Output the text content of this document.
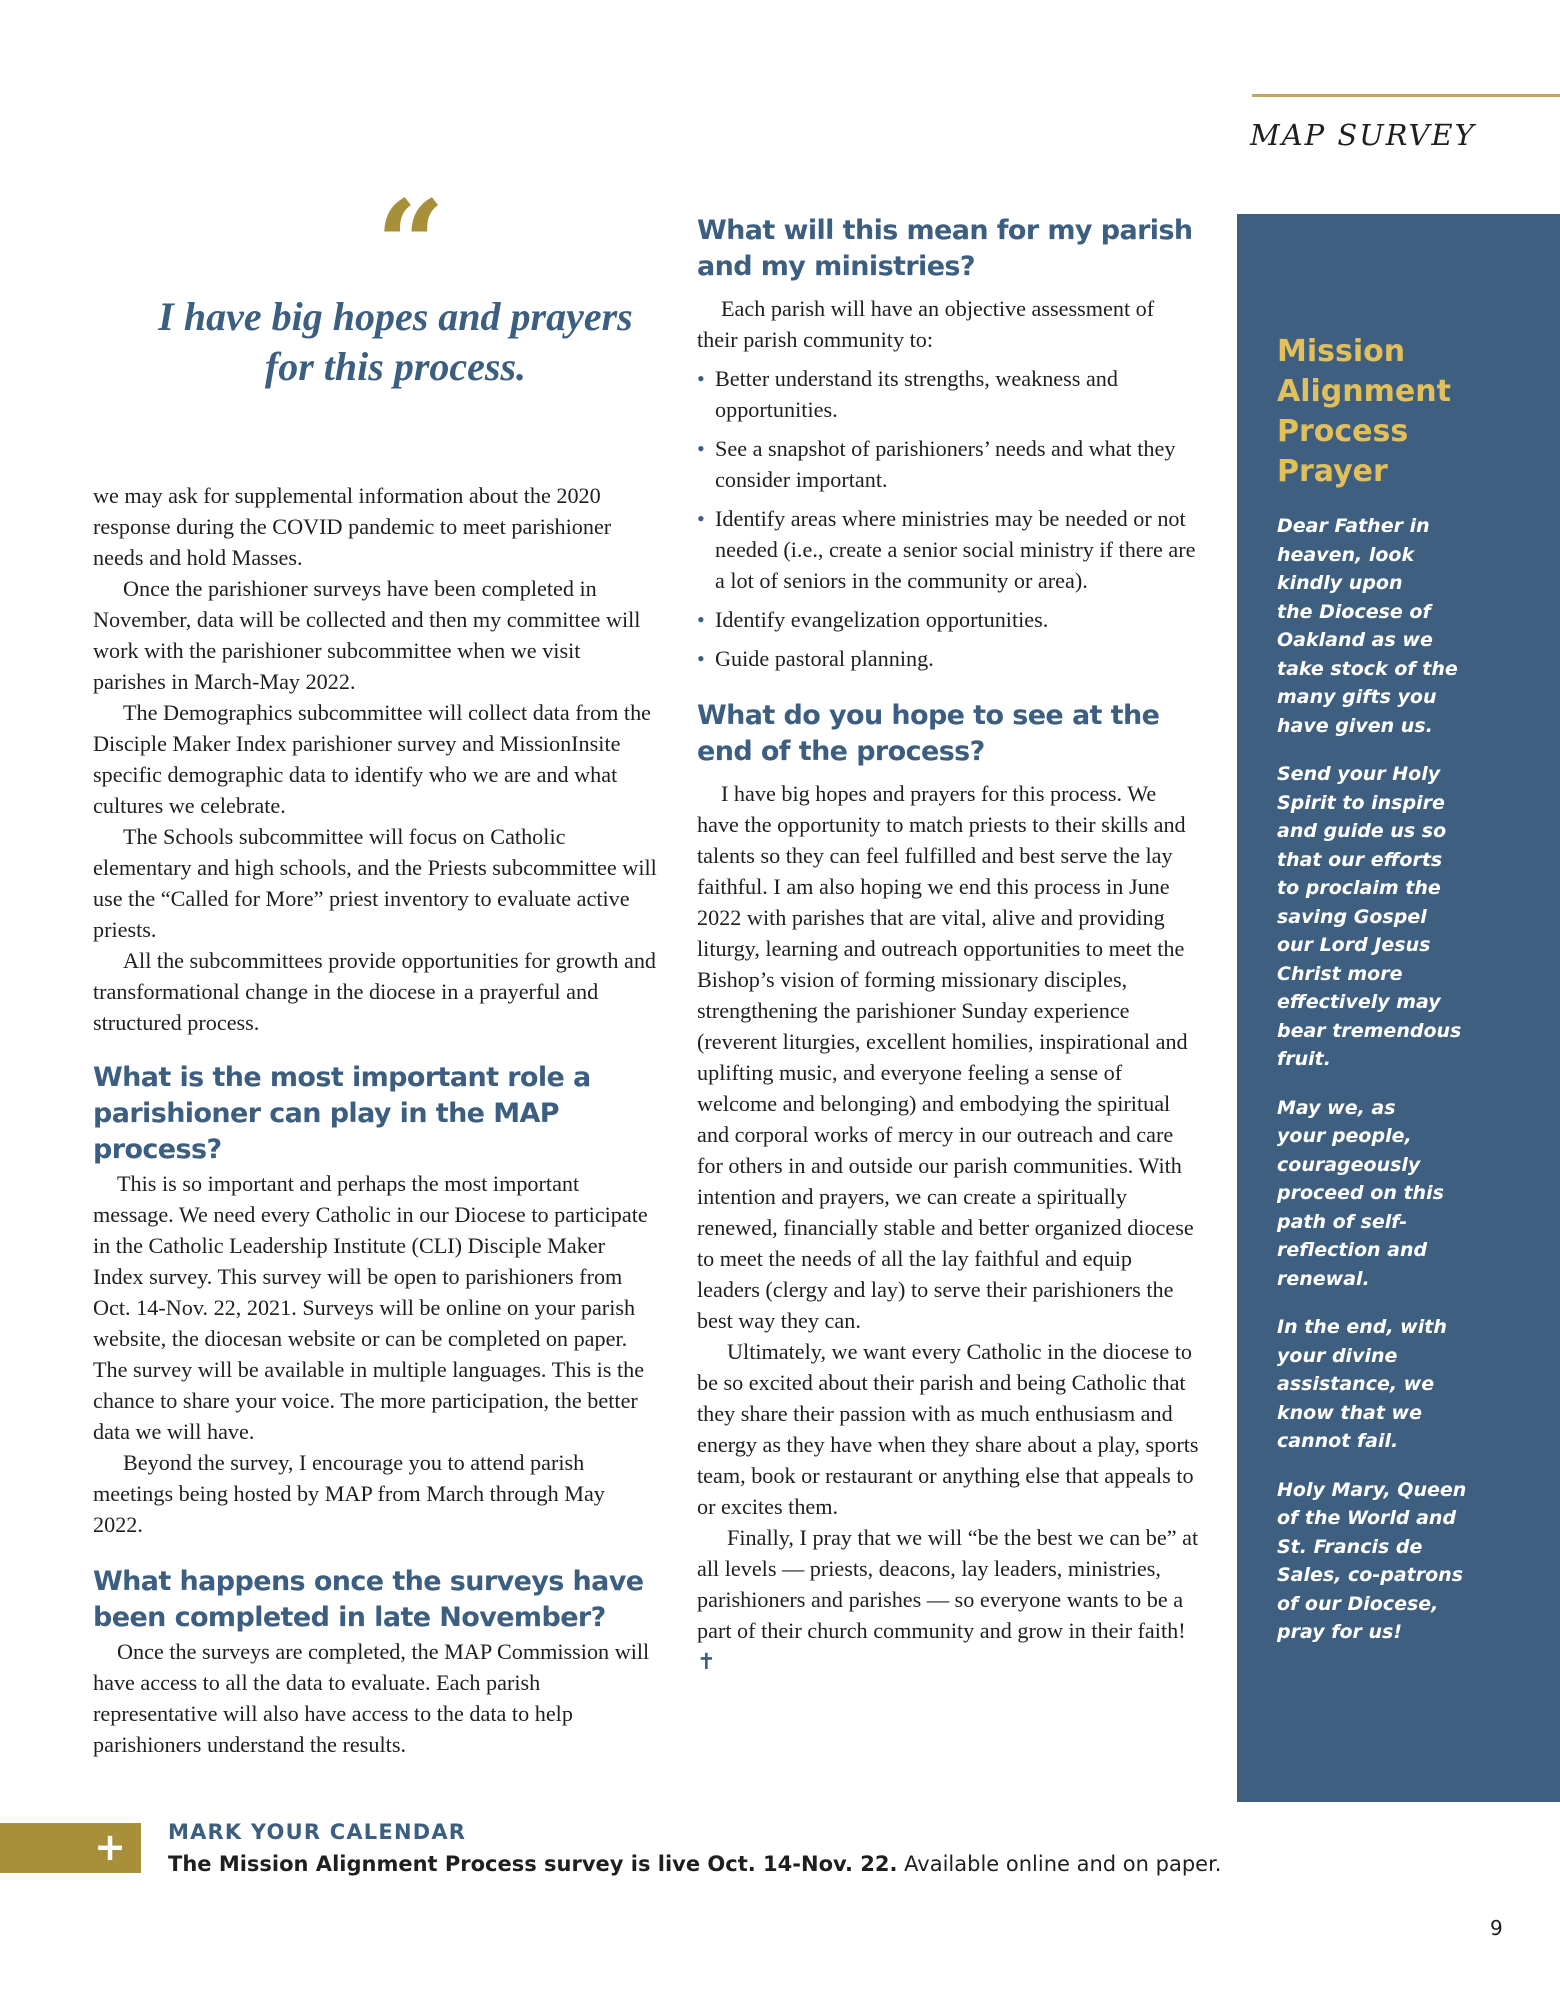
MAP SURVEY
“
I have big hopes and prayers
for this process.

we may ask for supplemental information about the 2020 response during the COVID pandemic to meet parishioner needs and hold Masses.

Once the parishioner surveys have been completed in November, data will be collected and then my committee will work with the parishioner subcommittee when we visit parishes in March-May 2022.

The Demographics subcommittee will collect data from the Disciple Maker Index parishioner survey and MissionInsite specific demographic data to identify who we are and what cultures we celebrate.

The Schools subcommittee will focus on Catholic elementary and high schools, and the Priests subcommittee will use the “Called for More” priest inventory to evaluate active priests.

All the subcommittees provide opportunities for growth and transformational change in the diocese in a prayerful and structured process.

What is the most important role a parishioner can play in the MAP process?

This is so important and perhaps the most important message. We need every Catholic in our Diocese to participate in the Catholic Leadership Institute (CLI) Disciple Maker Index survey. This survey will be open to parishioners from Oct. 14-Nov. 22, 2021. Surveys will be online on your parish website, the diocesan website or can be completed on paper. The survey will be available in multiple languages. This is the chance to share your voice. The more participation, the better data we will have.

Beyond the survey, I encourage you to attend parish meetings being hosted by MAP from March through May 2022.

What happens once the surveys have been completed in late November?

Once the surveys are completed, the MAP Commission will have access to all the data to evaluate. Each parish representative will also have access to the data to help parishioners understand the results.

What will this mean for my parish and my ministries?

Each parish will have an objective assessment of their parish community to:

• Better understand its strengths, weakness and opportunities.
• See a snapshot of parishioners’ needs and what they consider important.
• Identify areas where ministries may be needed or not needed (i.e., create a senior social ministry if there are a lot of seniors in the community or area).
• Identify evangelization opportunities.
• Guide pastoral planning.
What do you hope to see at the end of the process?

I have big hopes and prayers for this process. We have the opportunity to match priests to their skills and talents so they can feel fulfilled and best serve the lay faithful. I am also hoping we end this process in June 2022 with parishes that are vital, alive and providing liturgy, learning and outreach opportunities to meet the Bishop’s vision of forming missionary disciples, strengthening the parishioner Sunday experience (reverent liturgies, excellent homilies, inspirational and uplifting music, and everyone feeling a sense of welcome and belonging) and embodying the spiritual and corporal works of mercy in our outreach and care for others in and outside our parish communities. With intention and prayers, we can create a spiritually renewed, financially stable and better organized diocese to meet the needs of all the lay faithful and equip leaders (clergy and lay) to serve their parishioners the best way they can.

Ultimately, we want every Catholic in the diocese to be so excited about their parish and being Catholic that they share their passion with as much enthusiasm and energy as they have when they share about a play, sports team, book or restaurant or anything else that appeals to or excites them.

Finally, I pray that we will “be the best we can be” at all levels — priests, deacons, lay leaders, ministries, parishioners and parishes — so everyone wants to be a part of their church community and grow in their faith! ✝

Mission
Alignment
Process
Prayer
Dear Father in
heaven, look
kindly upon
the Diocese of
Oakland as we
take stock of the
many gifts you
have given us.
Send your Holy
Spirit to inspire
and guide us so
that our efforts
to proclaim the
saving Gospel
our Lord Jesus
Christ more
effectively may
bear tremendous
fruit.
May we, as
your people,
courageously
proceed on this
path of self-
reflection and
renewal.
In the end, with
your divine
assistance, we
know that we
cannot fail.
Holy Mary, Queen
of the World and
St. Francis de
Sales, co-patrons
of our Diocese,
pray for us!
+ MARK YOUR CALENDAR
The Mission Alignment Process survey is live Oct. 14-Nov. 22. Available online and on paper.
9
